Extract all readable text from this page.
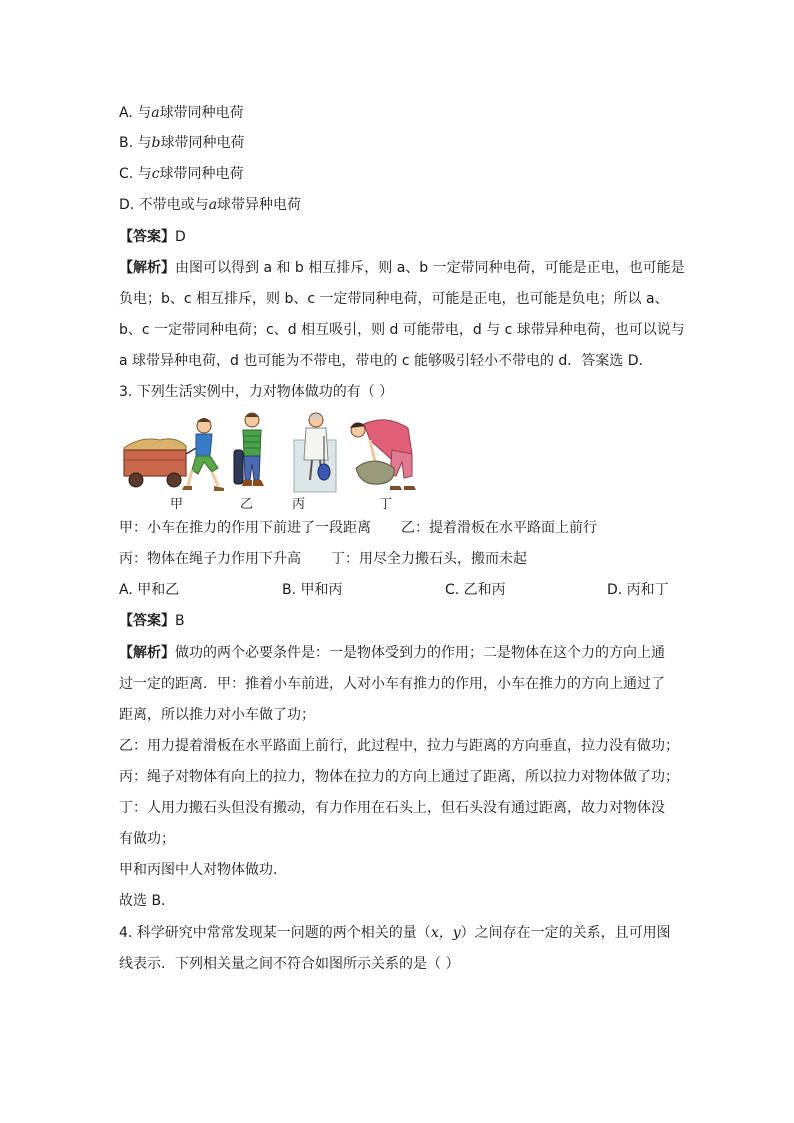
A. 与a球带同种电荷
B. 与b球带同种电荷
C. 与c球带同种电荷
D. 不带电或与a球带异种电荷
【答案】D
【解析】由图可以得到 a 和 b 相互排斥，则 a、b 一定带同种电荷，可能是正电，也可能是
负电；b、c 相互排斥，则 b、c 一定带同种电荷，可能是正电，也可能是负电；所以 a、
b、c 一定带同种电荷；c、d 相互吸引，则 d 可能带电，d 与 c 球带异种电荷，也可以说与
a 球带异种电荷，d 也可能为不带电，带电的 c 能够吸引轻小不带电的 d．答案选 D．
3. 下列生活实例中，力对物体做功的有（ ）
甲	乙	丙	丁
甲：小车在推力的作用下前进了一段距离 乙：提着滑板在水平路面上前行
丙：物体在绳子力作用下升高 丁：用尽全力搬石头，搬而未起
A. 甲和乙	B. 甲和丙	C. 乙和丙	D. 丙和丁
【答案】B
【解析】做功的两个必要条件是：一是物体受到力的作用；二是物体在这个力的方向上通
过一定的距离．甲：推着小车前进，人对小车有推力的作用，小车在推力的方向上通过了
距离，所以推力对小车做了功；
乙：用力提着滑板在水平路面上前行，此过程中，拉力与距离的方向垂直，拉力没有做功；
丙：绳子对物体有向上的拉力，物体在拉力的方向上通过了距离，所以拉力对物体做了功；
丁：人用力搬石头但没有搬动，有力作用在石头上，但石头没有通过距离，故力对物体没
有做功；
甲和丙图中人对物体做功．
故选 B．
4. 科学研究中常常发现某一问题的两个相关的量（x，y）之间存在一定的关系，且可用图
线表示．下列相关量之间不符合如图所示关系的是（ ）
